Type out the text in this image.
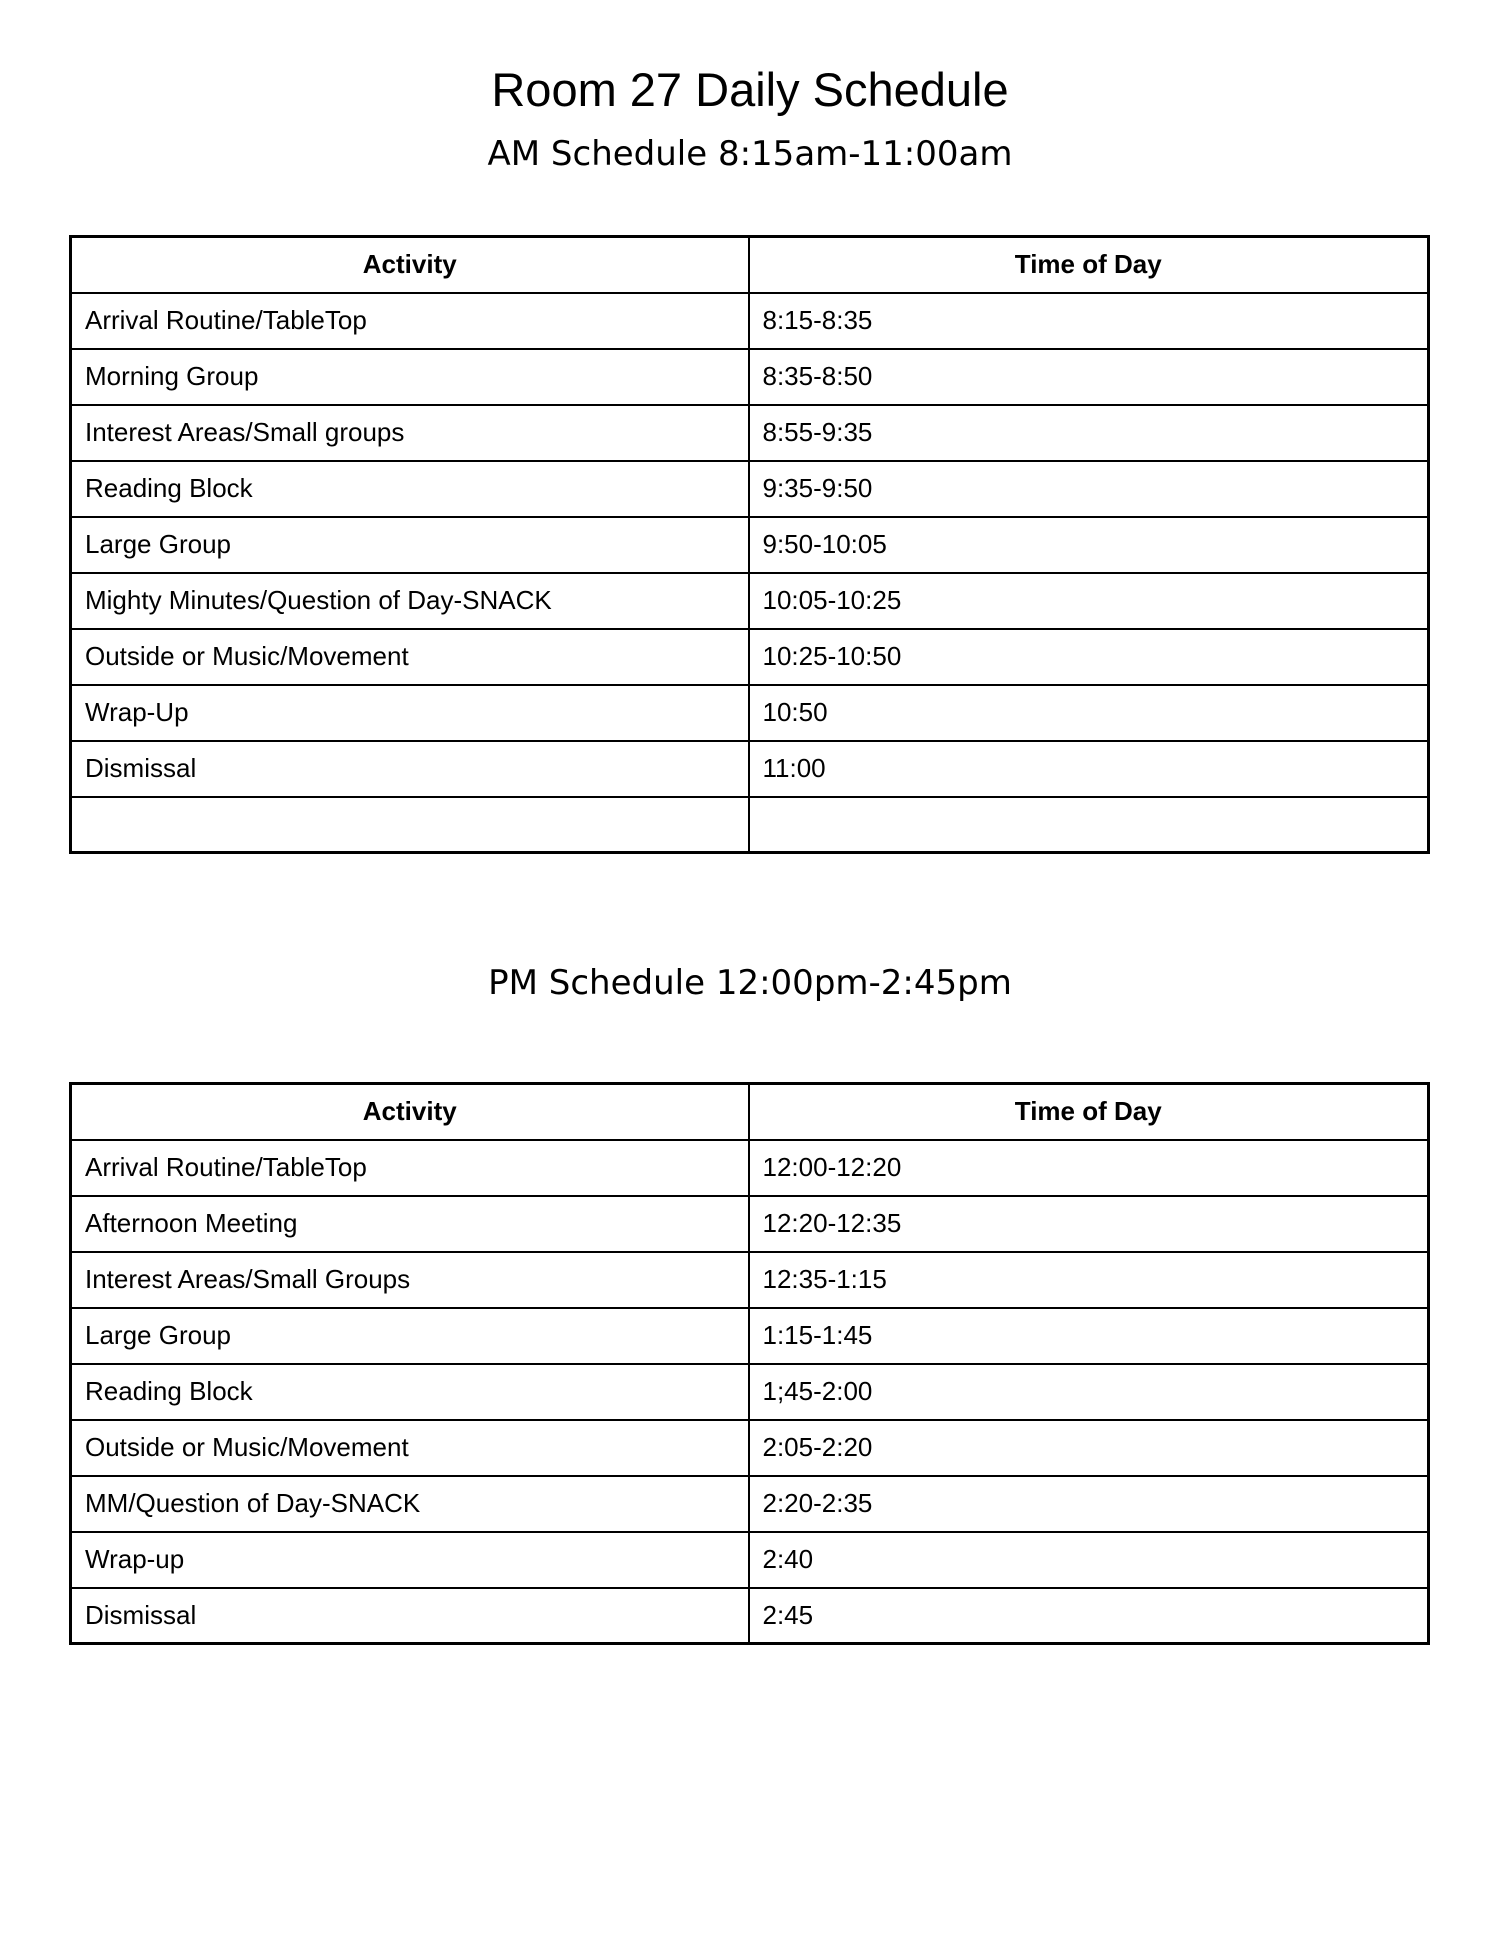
Room 27 Daily Schedule
AM Schedule 8:15am-11:00am
Activity	Time of Day
Arrival Routine/TableTop	8:15-8:35
Morning Group	8:35-8:50
Interest Areas/Small groups	8:55-9:35
Reading Block	9:35-9:50
Large Group	9:50-10:05
Mighty Minutes/Question of Day-SNACK	10:05-10:25
Outside or Music/Movement	10:25-10:50
Wrap-Up	10:50
Dismissal	11:00

PM Schedule 12:00pm-2:45pm
Activity	Time of Day
Arrival Routine/TableTop	12:00-12:20
Afternoon Meeting	12:20-12:35
Interest Areas/Small Groups	12:35-1:15
Large Group	1:15-1:45
Reading Block	1;45-2:00
Outside or Music/Movement	2:05-2:20
MM/Question of Day-SNACK	2:20-2:35
Wrap-up	2:40
Dismissal	2:45
